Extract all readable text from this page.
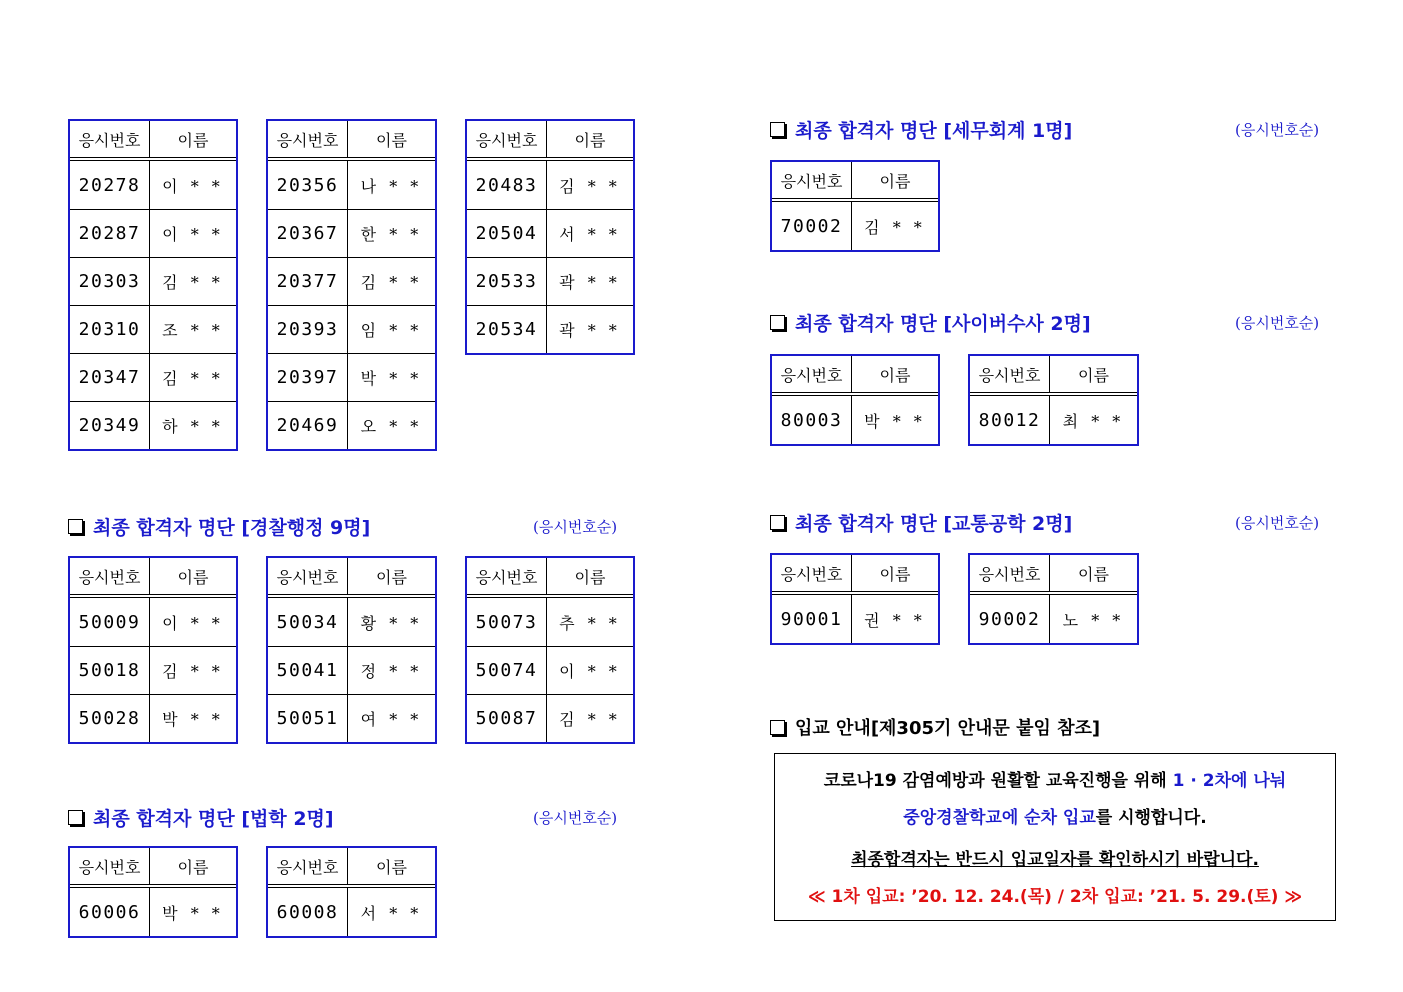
응시번호	이름
20278	이 * *
20287	이 * *
20303	김 * *
20310	조 * *
20347	김 * *
20349	하 * *
응시번호	이름
20356	나 * *
20367	한 * *
20377	김 * *
20393	임 * *
20397	박 * *
20469	오 * *
응시번호	이름
20483	김 * *
20504	서 * *
20533	곽 * *
20534	곽 * *
최종 합격자 명단 [경찰행정 9명]	(응시번호순)
응시번호	이름
50009	이 * *
50018	김 * *
50028	박 * *
응시번호	이름
50034	황 * *
50041	정 * *
50051	여 * *
응시번호	이름
50073	추 * *
50074	이 * *
50087	김 * *
최종 합격자 명단 [법학 2명]	(응시번호순)
응시번호	이름
60006	박 * *
응시번호	이름
60008	서 * *
최종 합격자 명단 [세무회계 1명]	(응시번호순)
응시번호	이름
70002	김 * *
최종 합격자 명단 [사이버수사 2명]	(응시번호순)
응시번호	이름
80003	박 * *
응시번호	이름
80012	최 * *
최종 합격자 명단 [교통공학 2명]	(응시번호순)
응시번호	이름
90001	권 * *
응시번호	이름
90002	노 * *
입교 안내[제305기 안내문 붙임 참조]
코로나19 감염예방과 원활할 교육진행을 위해 1 · 2차에 나눠
중앙경찰학교에 순차 입교를 시행합니다.
최종합격자는 반드시 입교일자를 확인하시기 바랍니다.
≪ 1차 입교: ’20. 12. 24.(목) / 2차 입교: ’21. 5. 29.(토) ≫
